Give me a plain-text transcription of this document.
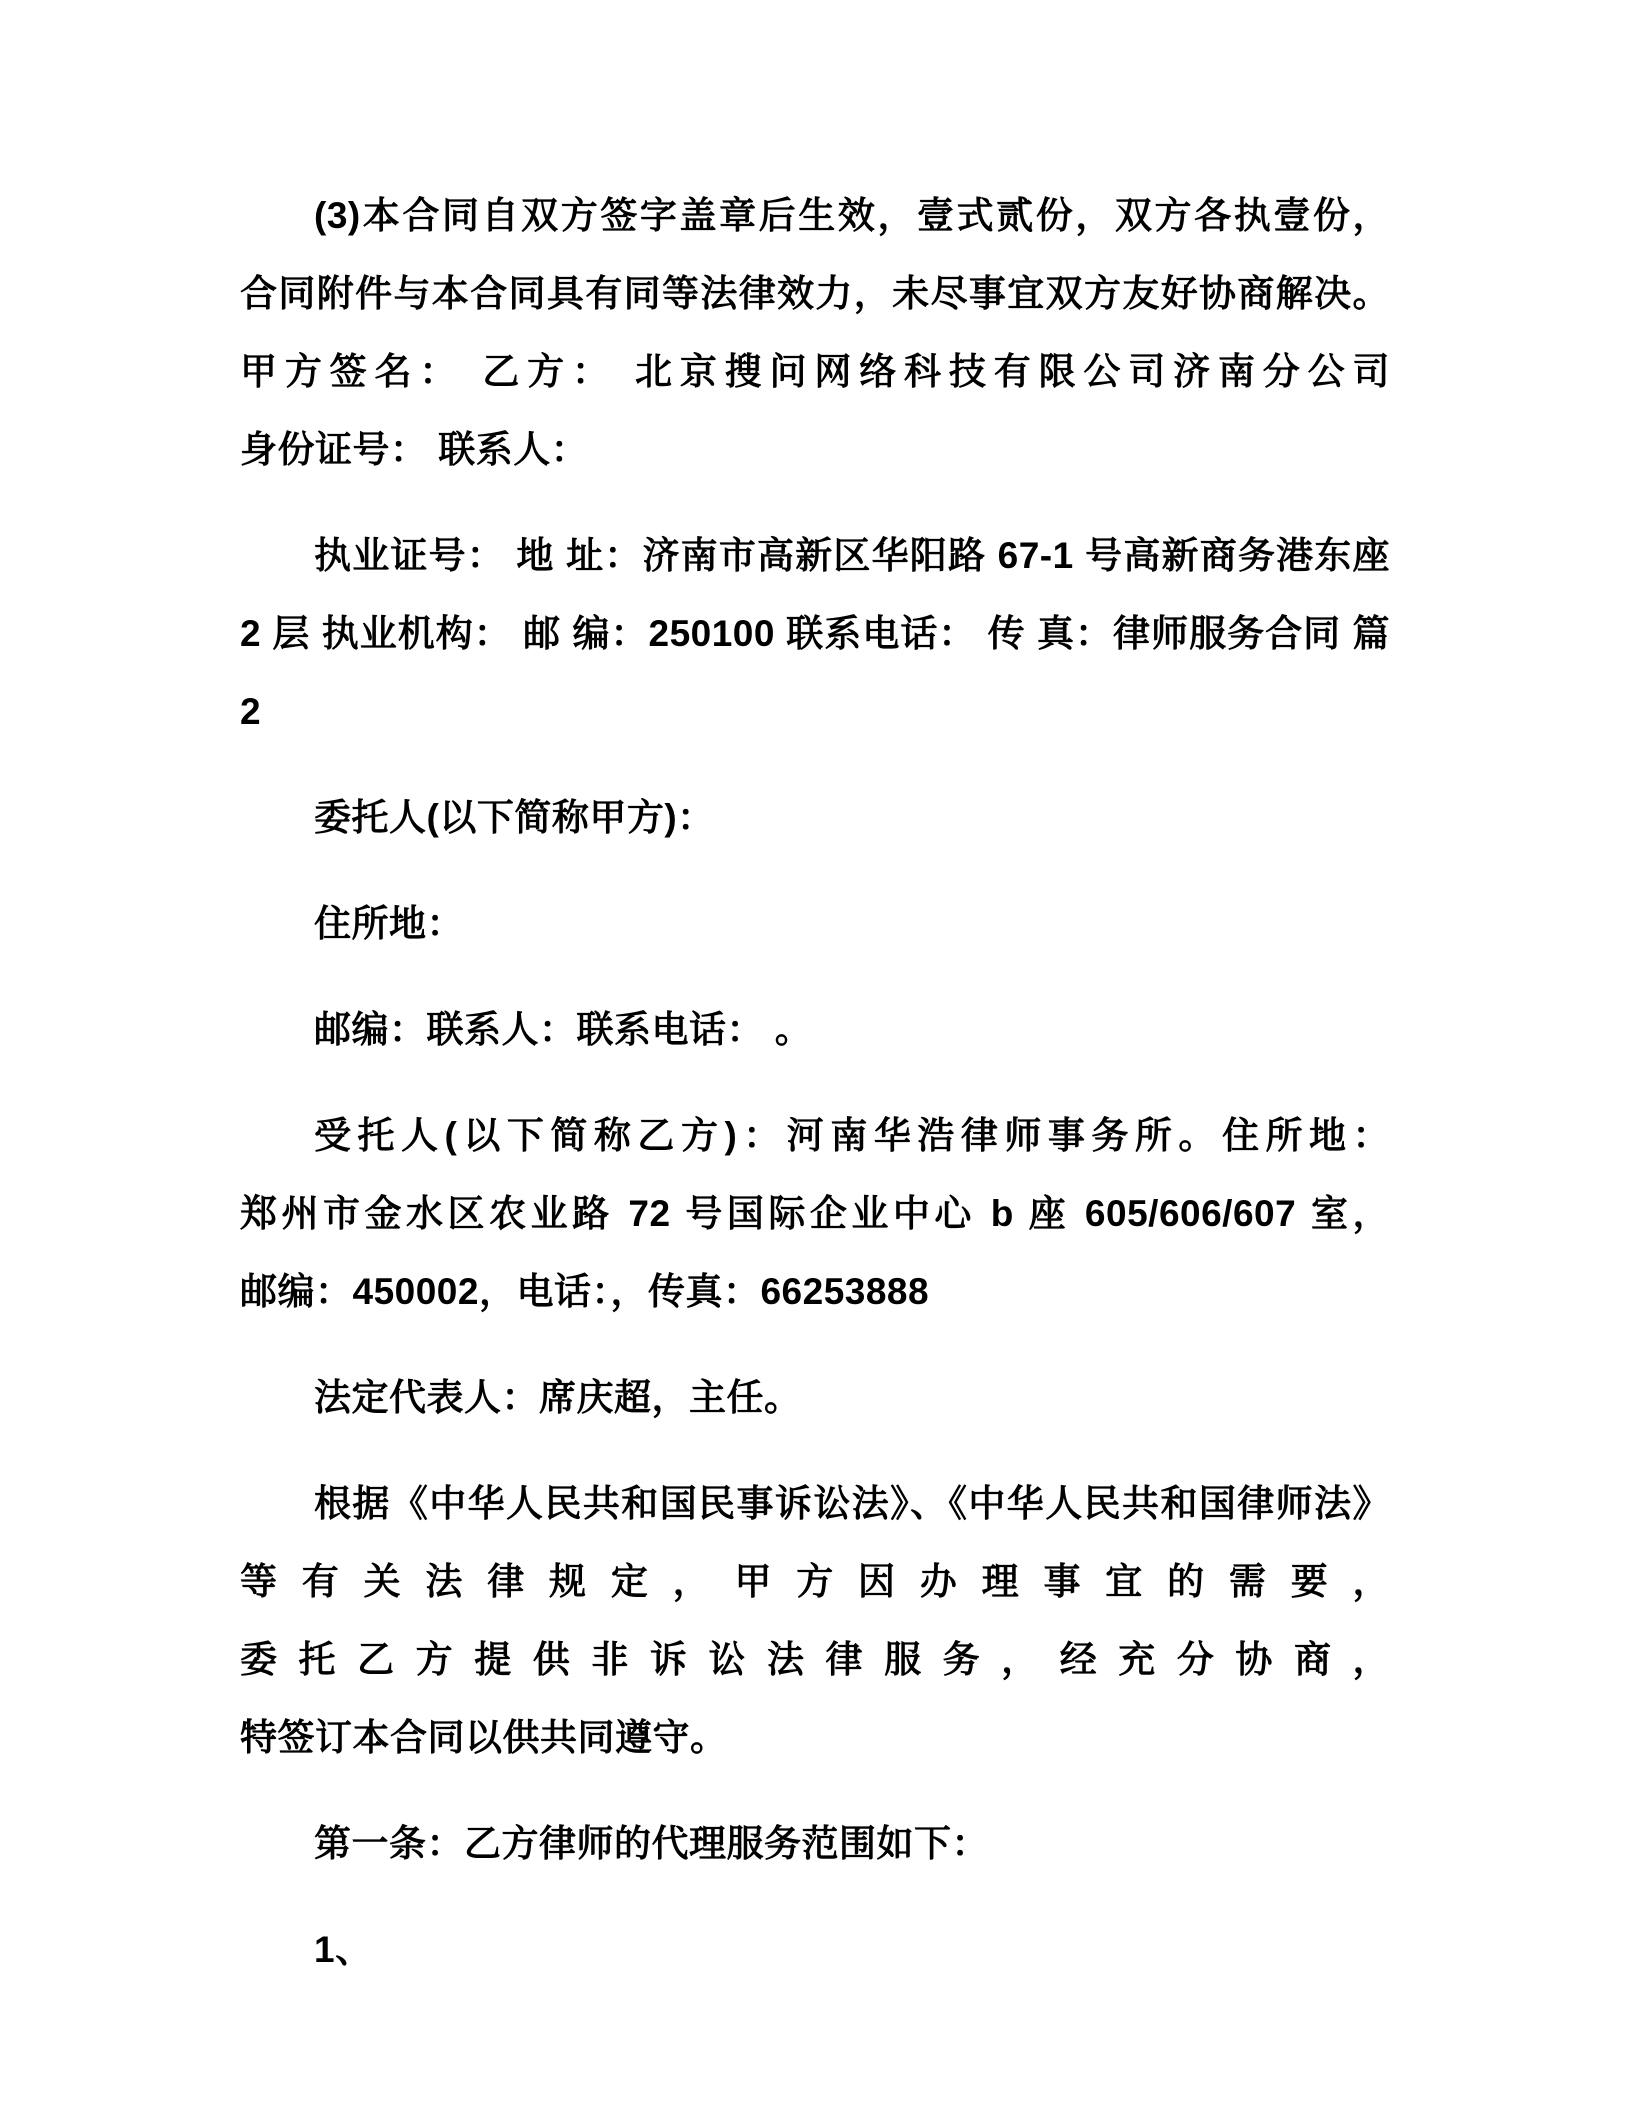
(3)本合同自双方签字盖章后生效，壹式贰份，双方各执壹份，合同附件与本合同具有同等法律效力，未尽事宜双方友好协商解决。 甲方签名： 乙方： 北京搜问网络科技有限公司济南分公司 身份证号： 联系人：

执业证号： 地 址：济南市高新区华阳路 67-1 号高新商务港东座 2 层 执业机构： 邮 编：250100 联系电话： 传 真：律师服务合同 篇 2

委托人(以下简称甲方)：

住所地：

邮编：联系人：联系电话： 。

受托人(以下简称乙方)：河南华浩律师事务所。住所地：郑州市金水区农业路 72 号国际企业中心 b 座 605/606/607 室，邮编：450002，电话：，传真：66253888

法定代表人：席庆超，主任。

根据《中华人民共和国民事诉讼法》、《中华人民共和国律师法》等有关法律规定，甲方因办理事宜的需要，委托乙方提供非诉讼法律服务，经充分协商，特签订本合同以供共同遵守。

第一条：乙方律师的代理服务范围如下：

1、
